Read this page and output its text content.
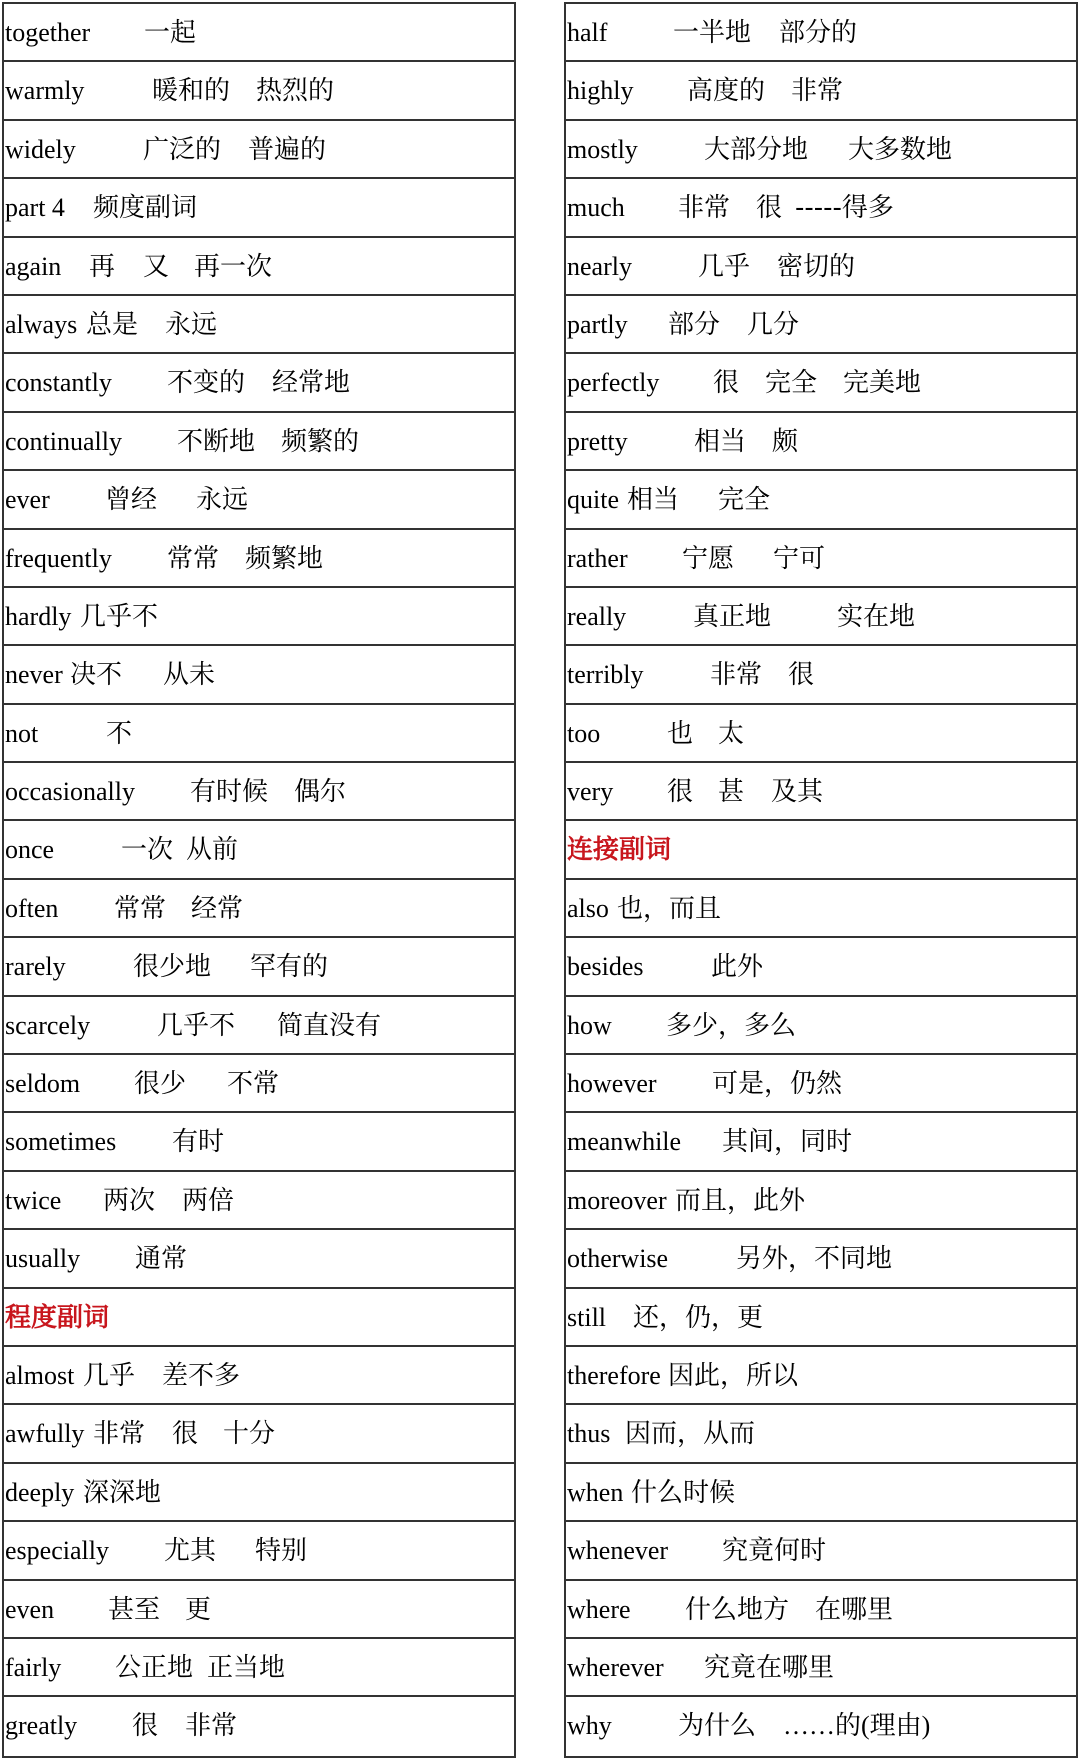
together 一起
warmly	暖和的 热烈的
widely	广泛的 普遍的
part 4 频度副词
again 再 又 再一次
always 总是 永远
constantly 不变的 经常地
continually 不断地 频繁的
ever 曾经 永远
frequently 常常 频繁地
hardly 几乎不
never 决不 从未
not	不
occasionally 有时候 偶尔
once	一次 从前
often 常常 经常
rarely	很少地 罕有的
scarcely	几乎不 简直没有
seldom 很少 不常
sometimes 有时
twice 两次 两倍
usually 通常
程度副词
almost 几乎 差不多
awfully 非常 很 十分
deeply 深深地
especially 尤其 特别
even 甚至 更
fairly 公正地 正当地
greatly 很 非常
half	一半地 部分的
highly 高度的 非常
mostly	大部分地 大多数地
much 非常 很 -----得多
nearly	几乎 密切的
partly 部分 几分
perfectly 很 完全 完美地
pretty	相当 颇
quite 相当 完全
rather 宁愿 宁可
really	真正地	实在地
terribly	非常 很
too	也 太
very 很 甚 及其
连接副词
also 也，而且
besides	此外
how 多少，多么
however 可是，仍然
meanwhile 其间，同时
moreover 而且，此外
otherwise	另外，不同地
still 还，仍，更
therefore 因此，所以
thus 因而，从而
when 什么时候
whenever 究竟何时
where 什么地方 在哪里
wherever 究竟在哪里
why	为什么 ……的(理由)
